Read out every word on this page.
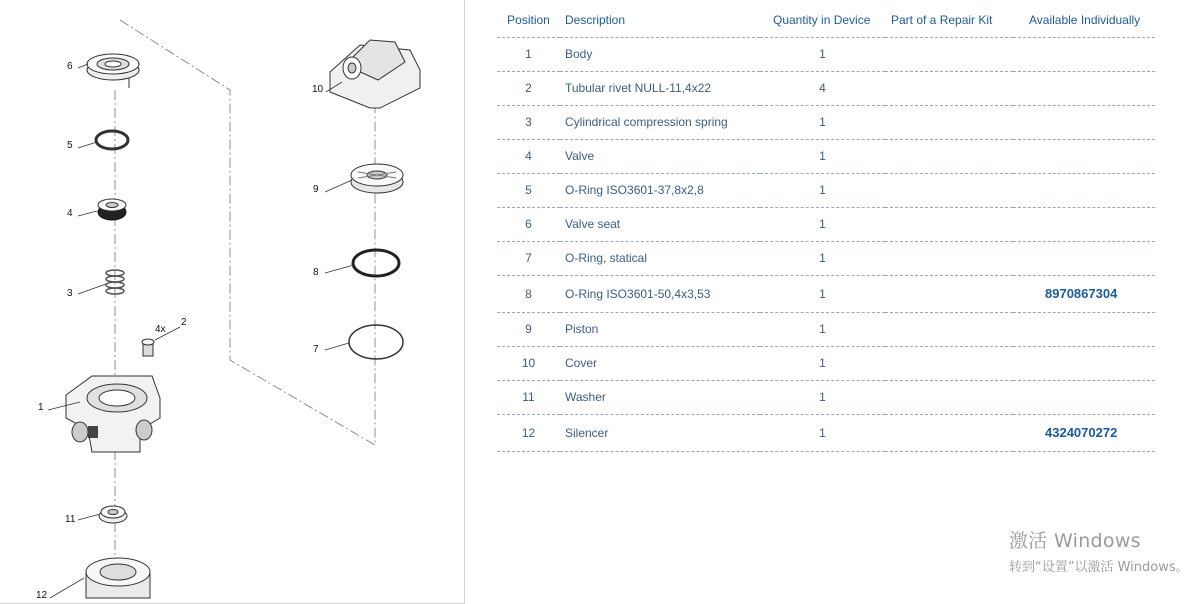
6
5
4
3
4x
2
1
11
12
10
9
8
7
Position	Description	Quantity in Device	Part of a Repair Kit	Available Individually
1	Body	1		
2	Tubular rivet NULL-11,4x22	4		
3	Cylindrical compression spring	1		
4	Valve	1		
5	O-Ring ISO3601-37,8x2,8	1		
6	Valve seat	1		
7	O-Ring, statical	1		
8	O-Ring ISO3601-50,4x3,53	1		8970867304
9	Piston	1		
10	Cover	1		
11	Washer	1		
12	Silencer	1		4324070272
激活 Windows
转到“设置”以激活 Windows。
